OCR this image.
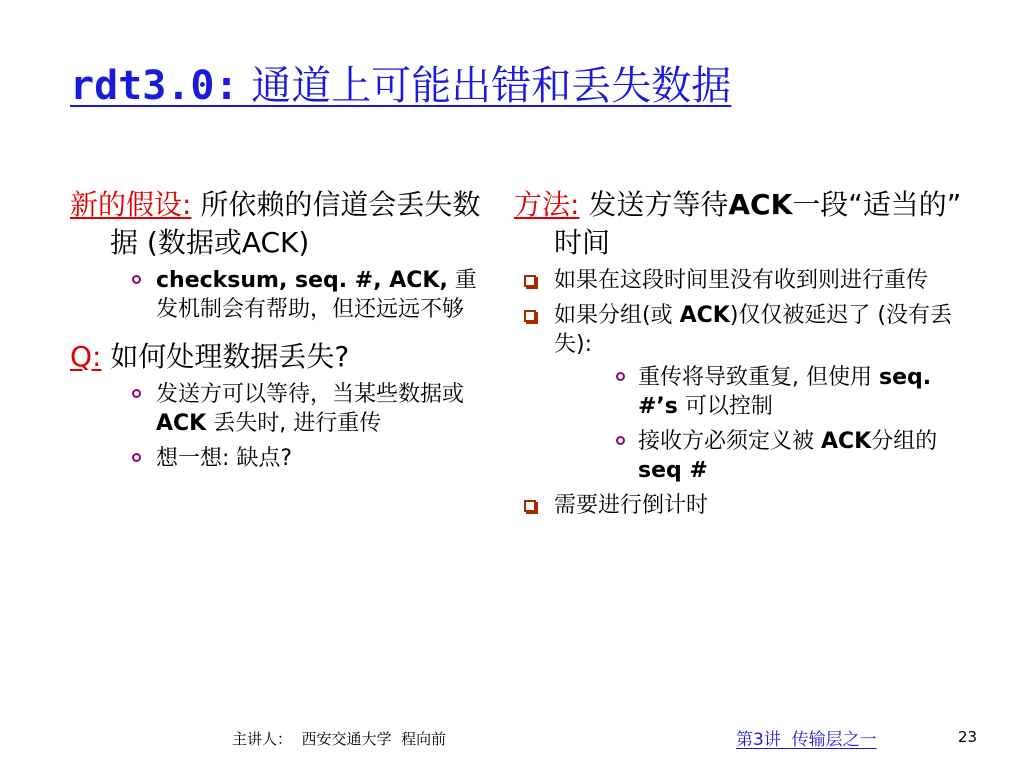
rdt3.0: 通道上可能出错和丢失数据

新的假设: 所依赖的信道会丢失数据 (数据或ACK)

checksum, seq. #, ACK, 重发机制会有帮助，但还远远不够

Q: 如何处理数据丢失?

发送方可以等待，当某些数据或ACK 丢失时, 进行重传
想一想: 缺点?

方法: 发送方等待ACK一段“适当的” 时间

如果在这段时间里没有收到则进行重传
如果分组(或 ACK)仅仅被延迟了 (没有丢失):
重传将导致重复, 但使用 seq. #’s 可以控制
接收方必须定义被 ACK分组的 seq #
需要进行倒计时
主讲人：  西安交通大学  程向前	第3讲  传输层之一	23
